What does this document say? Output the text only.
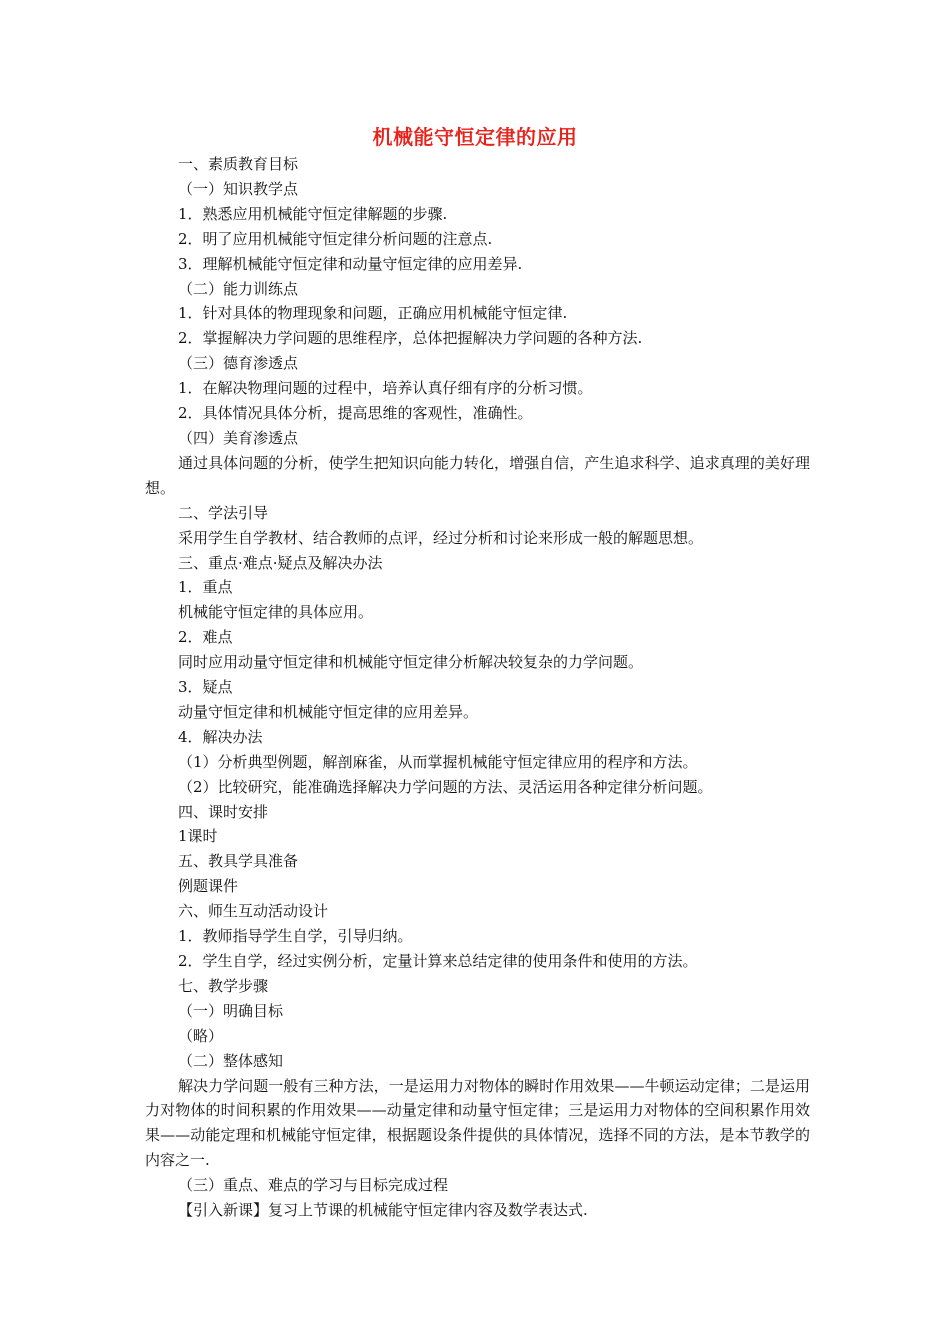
机械能守恒定律的应用

一、素质教育目标

（一）知识教学点

1．熟悉应用机械能守恒定律解题的步骤.

2．明了应用机械能守恒定律分析问题的注意点.

3．理解机械能守恒定律和动量守恒定律的应用差异.

（二）能力训练点

1．针对具体的物理现象和问题，正确应用机械能守恒定律.

2．掌握解决力学问题的思维程序，总体把握解决力学问题的各种方法.

（三）德育渗透点

1．在解决物理问题的过程中，培养认真仔细有序的分析习惯。

2．具体情况具体分析，提高思维的客观性，准确性。

（四）美育渗透点

通过具体问题的分析，使学生把知识向能力转化，增强自信，产生追求科学、追求真理的美好理想。

二、学法引导

采用学生自学教材、结合教师的点评，经过分析和讨论来形成一般的解题思想。

三、重点·难点·疑点及解决办法

1．重点

机械能守恒定律的具体应用。

2．难点

同时应用动量守恒定律和机械能守恒定律分析解决较复杂的力学问题。

3．疑点

动量守恒定律和机械能守恒定律的应用差异。

4．解决办法

（1）分析典型例题，解剖麻雀，从而掌握机械能守恒定律应用的程序和方法。

（2）比较研究，能准确选择解决力学问题的方法、灵活运用各种定律分析问题。

四、课时安排

1课时

五、教具学具准备

例题课件

六、师生互动活动设计

1．教师指导学生自学，引导归纳。

2．学生自学，经过实例分析，定量计算来总结定律的使用条件和使用的方法。

七、教学步骤

（一）明确目标

（略）

（二）整体感知

解决力学问题一般有三种方法，一是运用力对物体的瞬时作用效果——牛顿运动定律；二是运用力对物体的时间积累的作用效果——动量定律和动量守恒定律；三是运用力对物体的空间积累作用效果——动能定理和机械能守恒定律，根据题设条件提供的具体情况，选择不同的方法，是本节教学的内容之一.

（三）重点、难点的学习与目标完成过程

【引入新课】复习上节课的机械能守恒定律内容及数学表达式.
